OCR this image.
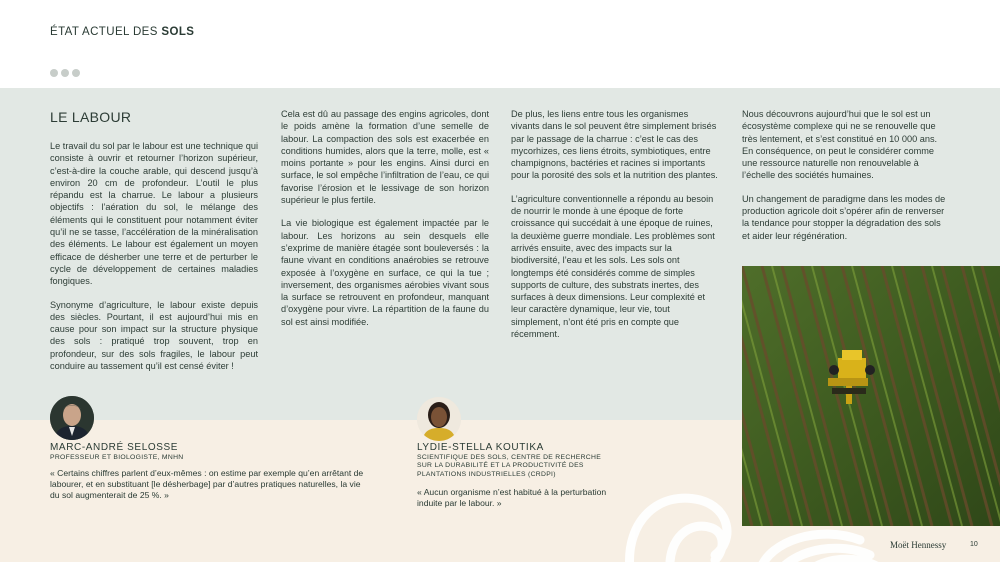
ÉTAT ACTUEL DES SOLS
LE LABOUR

Le travail du sol par le labour est une technique qui consiste à ouvrir et retourner l’horizon supérieur, c’est-à-dire la couche arable, qui descend jusqu’à environ 20 cm de profondeur. L’outil le plus répandu est la charrue. Le labour a plusieurs objectifs : l’aération du sol, le mélange des éléments qui le constituent pour notamment éviter qu’il ne se tasse, l’accélération de la minéralisation des éléments. Le labour est également un moyen efficace de désherber une terre et de perturber le cycle de développement de certaines maladies fongiques.

Synonyme d’agriculture, le labour existe depuis des siècles. Pourtant, il est aujourd’hui mis en cause pour son impact sur la structure physique des sols : pratiqué trop souvent, trop en profondeur, sur des sols fragiles, le labour peut conduire au tassement qu’il est censé éviter !

Cela est dû au passage des engins agricoles, dont le poids amène la formation d’une semelle de labour. La compaction des sols est exacerbée en conditions humides, alors que la terre, molle, est « moins portante » pour les engins. Ainsi durci en surface, le sol empêche l’infiltration de l’eau, ce qui favorise l’érosion et le lessivage de son horizon supérieur le plus fertile.

La vie biologique est également impactée par le labour. Les horizons au sein desquels elle s’exprime de manière étagée sont bouleversés : la faune vivant en conditions anaérobies se retrouve exposée à l’oxygène en surface, ce qui la tue ; inversement, des organismes aérobies vivant sous la surface se retrouvent en profondeur, manquant d’oxygène pour vivre. La répartition de la faune du sol est ainsi modifiée.

De plus, les liens entre tous les organismes vivants dans le sol peuvent être simplement brisés par le passage de la charrue : c’est le cas des mycorhizes, ces liens étroits, symbiotiques, entre champignons, bactéries et racines si importants pour la porosité des sols et la nutrition des plantes.

L’agriculture conventionnelle a répondu au besoin de nourrir le monde à une époque de forte croissance qui succédait à une époque de ruines, la deuxième guerre mondiale. Les problèmes sont arrivés ensuite, avec des impacts sur la biodiversité, l’eau et les sols. Les sols ont longtemps été considérés comme de simples supports de culture, des substrats inertes, des surfaces à deux dimensions. Leur complexité et leur caractère dynamique, leur vie, tout simplement, n’ont été pris en compte que récemment.

Nous découvrons aujourd’hui que le sol est un écosystème complexe qui ne se renouvelle que très lentement, et s’est constitué en 10 000 ans. En conséquence, on peut le considérer comme une ressource naturelle non renouvelable à l’échelle des sociétés humaines.

Un changement de paradigme dans les modes de production agricole doit s’opérer afin de renverser la tendance pour stopper la dégradation des sols et aider leur régénération.

MARC-ANDRÉ SELOSSE
PROFESSEUR ET BIOLOGISTE, MNHN
« Certains chiffres parlent d’eux-mêmes : on estime par exemple qu’en arrêtant de labourer, et en substituant [le désherbage] par d’autres pratiques naturelles, la vie du sol augmenterait de 25 %. »
LYDIE-STELLA KOUTIKA
SCIENTIFIQUE DES SOLS, CENTRE DE RECHERCHE SUR LA DURABILITÉ ET LA PRODUCTIVITÉ DES PLANTATIONS INDUSTRIELLES (CRDPI)
« Aucun organisme n’est habitué à la perturbation induite par le labour. »
Moët Hennessy	10
